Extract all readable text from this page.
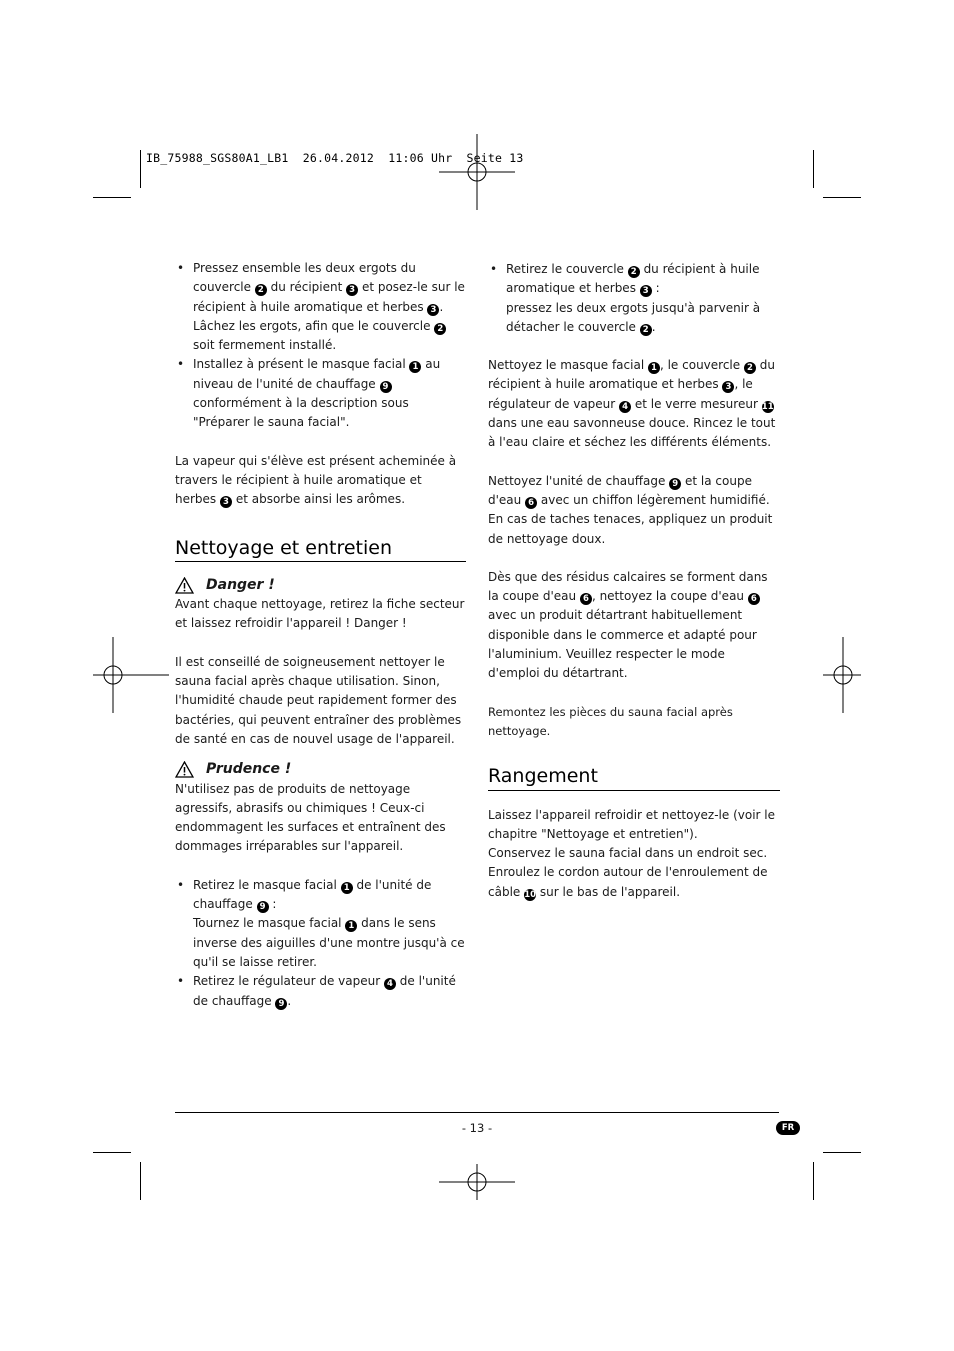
IB_75988_SGS80A1_LB1  26.04.2012  11:06 Uhr  Seite 13
• Pressez ensemble les deux ergots du couvercle 2 du récipient 3 et posez-le sur le récipient à huile aromatique et herbes 3 . Lâchez les ergots, afin que le couvercle 2 soit fermement installé.
• Installez à présent le masque facial 1 au niveau de l'unité de chauffage 9 conformément à la description sous "Préparer le sauna facial".

La vapeur qui s'élève est présent acheminée à travers le récipient à huile aromatique et herbes 3 et absorbe ainsi les arômes.

Nettoyage et entretien
Danger !

Avant chaque nettoyage, retirez la fiche secteur et laissez refroidir l'appareil ! Danger !

Il est conseillé de soigneusement nettoyer le sauna facial après chaque utilisation. Sinon, l'humidité chaude peut rapidement former des bactéries, qui peuvent entraîner des problèmes de santé en cas de nouvel usage de l'appareil.

Prudence !

N'utilisez pas de produits de nettoyage agressifs, abrasifs ou chimiques ! Ceux-ci endommagent les surfaces et entraînent des dommages irréparables sur l'appareil.

• Retirez le masque facial 1 de l'unité de chauffage 9 :
Tournez le masque facial 1 dans le sens inverse des aiguilles d'une montre jusqu'à ce qu'il se laisse retirer.
• Retirez le régulateur de vapeur 4 de l'unité de chauffage 9 .
• Retirez le couvercle 2 du récipient à huile aromatique et herbes 3 :
pressez les deux ergots jusqu'à parvenir à détacher le couvercle 2 .

Nettoyez le masque facial 1 , le couvercle 2 du récipient à huile aromatique et herbes 3 , le régulateur de vapeur 4 et le verre mesureur 11 dans une eau savonneuse douce. Rincez le tout à l'eau claire et séchez les différents éléments.

Nettoyez l'unité de chauffage 9 et la coupe d'eau 6 avec un chiffon légèrement humidifié. En cas de taches tenaces, appliquez un produit de nettoyage doux.

Dès que des résidus calcaires se forment dans la coupe d'eau 6 , nettoyez la coupe d'eau 6 avec un produit détartrant habituellement disponible dans le commerce et adapté pour l'aluminium. Veuillez respecter le mode d'emploi du détartrant.

Remontez les pièces du sauna facial après nettoyage.

Rangement

Laissez l'appareil refroidir et nettoyez-le (voir le chapitre "Nettoyage et entretien").
Conservez le sauna facial dans un endroit sec.
Enroulez le cordon autour de l'enroulement de câble 10 sur le bas de l'appareil.

- 13 -	FR
